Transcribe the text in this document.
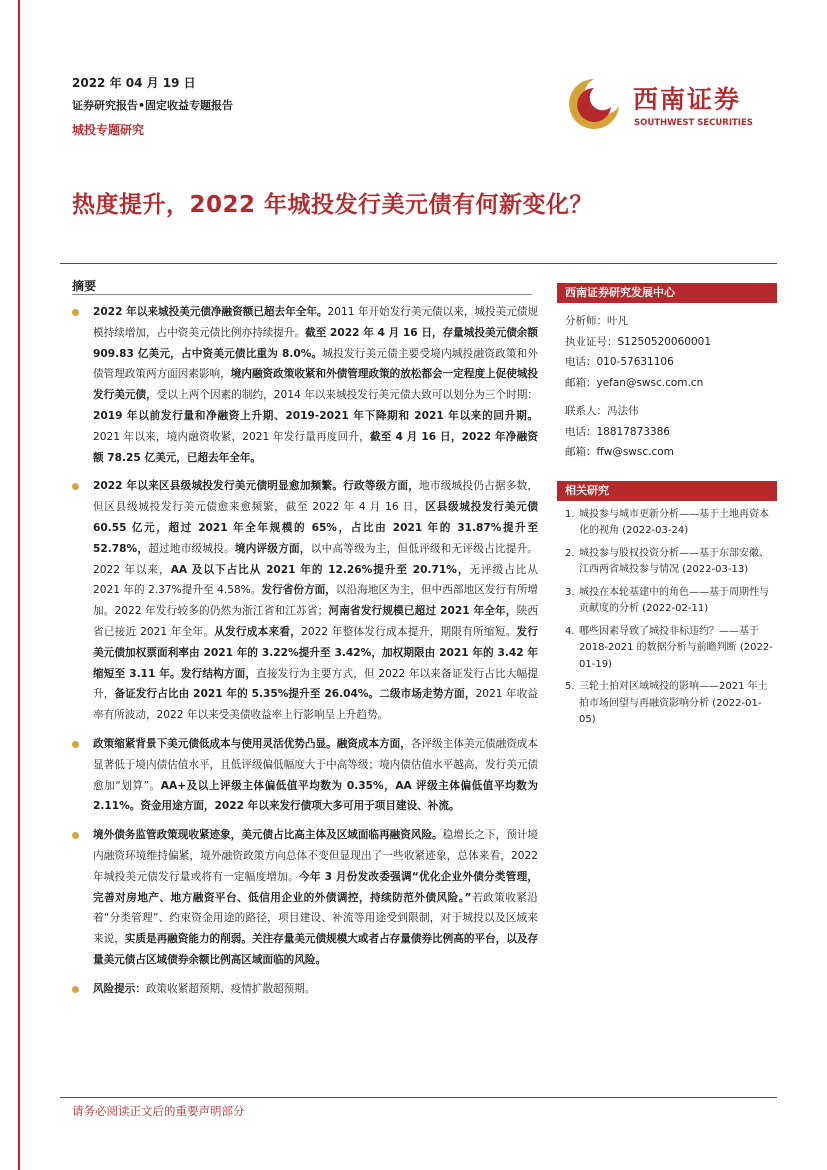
2022 年 04 月 19 日
证券研究报告•固定收益专题报告
城投专题研究
西南证券
SOUTHWEST SECURITIES
热度提升，2022 年城投发行美元债有何新变化？
摘要
2022 年以来城投美元债净融资额已超去年全年。2011 年开始发行美元债以来，城投美元债规模持续增加，占中资美元债比例亦持续提升。截至 2022 年 4 月 16 日，存量城投美元债余额 909.83 亿美元，占中资美元债比重为 8.0%。城投发行美元债主要受境内城投融资政策和外债管理政策两方面因素影响，境内融资政策收紧和外债管理政策的放松都会一定程度上促使城投发行美元债，受以上两个因素的制约，2014 年以来城投发行美元债大致可以划分为三个时期：2019 年以前发行量和净融资上升期、2019-2021 年下降期和 2021 年以来的回升期。2021 年以来，境内融资收紧，2021 年发行量再度回升，截至 4 月 16 日，2022 年净融资额 78.25 亿美元，已超去年全年。
2022 年以来区县级城投发行美元债明显愈加频繁。行政等级方面，地市级城投仍占据多数，但区县级城投发行美元债愈来愈频繁，截至 2022 年 4 月 16 日，区县级城投发行美元债 60.55 亿元，超过 2021 年全年规模的 65%，占比由 2021 年的 31.87%提升至 52.78%，超过地市级城投。境内评级方面，以中高等级为主，但低评级和无评级占比提升。2022 年以来，AA 及以下占比从 2021 年的 12.26%提升至 20.71%，无评级占比从 2021 年的 2.37%提升至 4.58%。发行省份方面，以沿海地区为主，但中西部地区发行有所增加。2022 年发行较多的仍然为浙江省和江苏省；河南省发行规模已超过 2021 年全年，陕西省已接近 2021 年全年。从发行成本来看，2022 年整体发行成本提升，期限有所缩短。发行美元债加权票面利率由 2021 年的 3.22%提升至 3.42%，加权期限由 2021 年的 3.42 年缩短至 3.11 年。发行结构方面，直接发行为主要方式，但 2022 年以来备证发行占比大幅提升，备证发行占比由 2021 年的 5.35%提升至 26.04%。二级市场走势方面，2021 年收益率有所波动，2022 年以来受美债收益率上行影响呈上升趋势。
政策缩紧背景下美元债低成本与使用灵活优势凸显。融资成本方面，各评级主体美元债融资成本显著低于境内债估值水平，且低评级偏低幅度大于中高等级；境内债估值水平越高，发行美元债愈加“划算”。AA+及以上评级主体偏低值平均数为 0.35%，AA 评级主体偏低值平均数为 2.11%。资金用途方面，2022 年以来发行债项大多可用于项目建设、补流。
境外债务监管政策现收紧迹象，美元债占比高主体及区域面临再融资风险。稳增长之下，预计境内融资环境维持偏紧，境外融资政策方向总体不变但显现出了一些收紧迹象，总体来看，2022 年城投美元债发行量或将有一定幅度增加。今年 3 月份发改委强调“优化企业外债分类管理，完善对房地产、地方融资平台、低信用企业的外债调控，持续防范外债风险。”若政策收紧沿着“分类管理”、约束资金用途的路径，项目建设、补流等用途受到限制，对于城投以及区域来来说，实质是再融资能力的削弱。关注存量美元债规模大或者占存量债券比例高的平台，以及存量美元债占区域债券余额比例高区域面临的风险。
风险提示：政策收紧超预期、疫情扩散超预期。
西南证券研究发展中心
分析师：叶凡
执业证号：S1250520060001
电话：010-57631106
邮箱：yefan@swsc.com.cn
联系人：冯法伟
电话：18817873386
邮箱：ffw@swsc.com
相关研究
1. 城投参与城市更新分析——基于土地再资本化的视角 (2022-03-24)
2. 城投参与股权投资分析——基于东部安徽、江西两省城投参与情况 (2022-03-13)
3. 城投在本轮基建中的角色——基于周期性与贡献度的分析 (2022-02-11)
4. 哪些因素导致了城投非标违约？——基于 2018-2021 的数据分析与前瞻判断 (2022-01-19)
5. 三轮土拍对区域城投的影响——2021 年土拍市场回望与再融资影响分析 (2022-01-05)
请务必阅读正文后的重要声明部分
